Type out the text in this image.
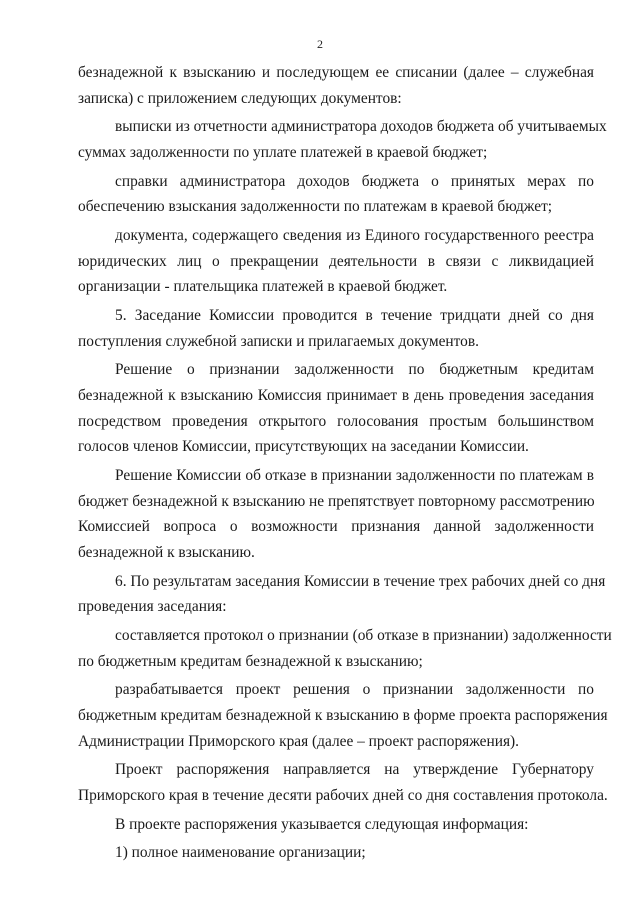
2
безнадежной к взысканию и последующем ее списании (далее – служебная
записка) с приложением следующих документов:
выписки из отчетности администратора доходов бюджета об учитываемых
суммах задолженности по уплате платежей в краевой бюджет;
справки администратора доходов бюджета о принятых мерах по
обеспечению взыскания задолженности по платежам в краевой бюджет;
документа, содержащего сведения из Единого государственного реестра
юридических лиц о прекращении деятельности в связи с ликвидацией
организации - плательщика платежей в краевой бюджет.
5. Заседание Комиссии проводится в течение тридцати дней со дня
поступления служебной записки и прилагаемых документов.
Решение о признании задолженности по бюджетным кредитам
безнадежной к взысканию Комиссия принимает в день проведения заседания
посредством проведения открытого голосования простым большинством
голосов членов Комиссии, присутствующих на заседании Комиссии.
Решение Комиссии об отказе в признании задолженности по платежам в
бюджет безнадежной к взысканию не препятствует повторному рассмотрению
Комиссией вопроса о возможности признания данной задолженности
безнадежной к взысканию.
6. По результатам заседания Комиссии в течение трех рабочих дней со дня
проведения заседания:
составляется протокол о признании (об отказе в признании) задолженности
по бюджетным кредитам безнадежной к взысканию;
разрабатывается проект решения о признании задолженности по
бюджетным кредитам безнадежной к взысканию в форме проекта распоряжения
Администрации Приморского края (далее – проект распоряжения).
Проект распоряжения направляется на утверждение Губернатору
Приморского края в течение десяти рабочих дней со дня составления протокола.
В проекте распоряжения указывается следующая информация:
1) полное наименование организации;
